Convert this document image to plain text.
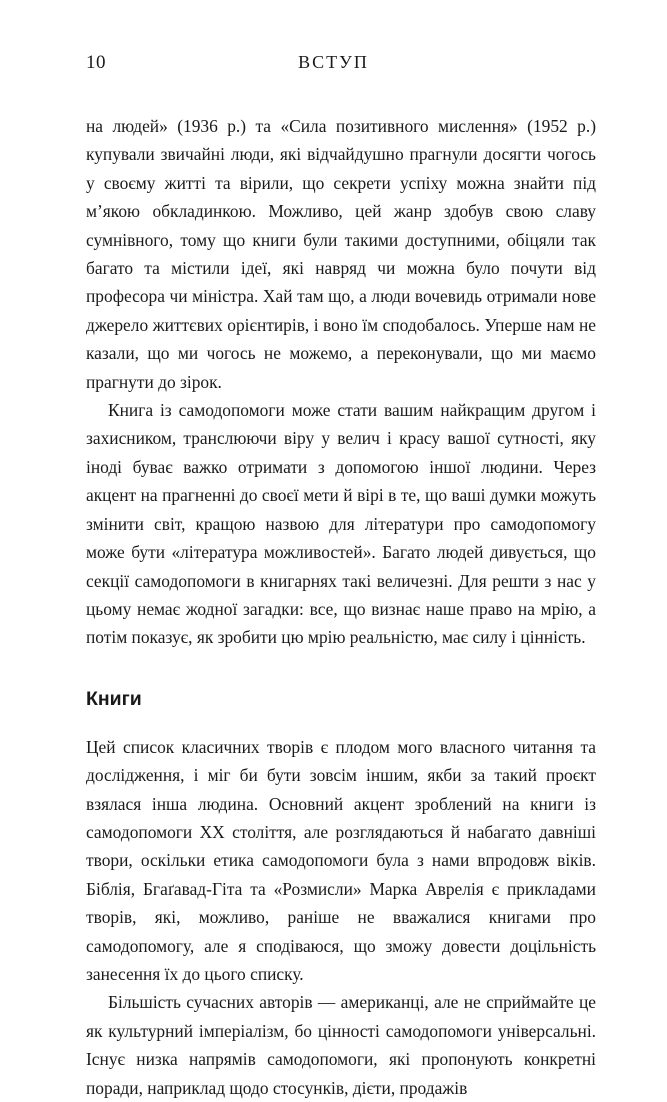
10	ВСТУП

на людей» (1936 р.) та «Сила позитивного мислення» (1952 р.) купували звичайні люди, які відчайдушно прагнули досягти чогось у своєму житті та вірили, що секрети успіху можна знайти під м’якою обкладинкою. Можливо, цей жанр здобув свою славу сумнівного, тому що книги були такими доступними, обіцяли так багато та містили ідеї, які навряд чи можна було почути від професора чи міністра. Хай там що, а люди вочевидь отримали нове джерело життєвих орієнтирів, і воно їм сподобалось. Уперше нам не казали, що ми чогось не можемо, а переконували, що ми маємо прагнути до зірок.

Книга із самодопомоги може стати вашим найкращим другом і захисником, транслюючи віру у велич і красу вашої сутності, яку іноді буває важко отримати з допомогою іншої людини. Через акцент на прагненні до своєї мети й вірі в те, що ваші думки можуть змінити світ, кращою назвою для літератури про самодопомогу може бути «література можливостей». Багато людей дивується, що секції самодопомоги в книгарнях такі величезні. Для решти з нас у цьому немає жодної загадки: все, що визнає наше право на мрію, а потім показує, як зробити цю мрію реальністю, має силу і цінність.

Книги

Цей список класичних творів є плодом мого власного читання та дослідження, і міг би бути зовсім іншим, якби за такий проєкт взялася інша людина. Основний акцент зроблений на книги із самодопомоги XX століття, але розглядаються й набагато давніші твори, оскільки етика самодопомоги була з нами впродовж віків. Біблія, Бгаґавад-Гіта та «Розмисли» Марка Аврелія є прикладами творів, які, можливо, раніше не вважалися книгами про самодопомогу, але я сподіваюся, що зможу довести доцільність занесення їх до цього списку.

Більшість сучасних авторів — американці, але не сприймайте це як культурний імперіалізм, бо цінності самодопомоги універсальні. Існує низка напрямів самодопомоги, які пропонують конкретні поради, наприклад щодо стосунків, дієти, продажів
